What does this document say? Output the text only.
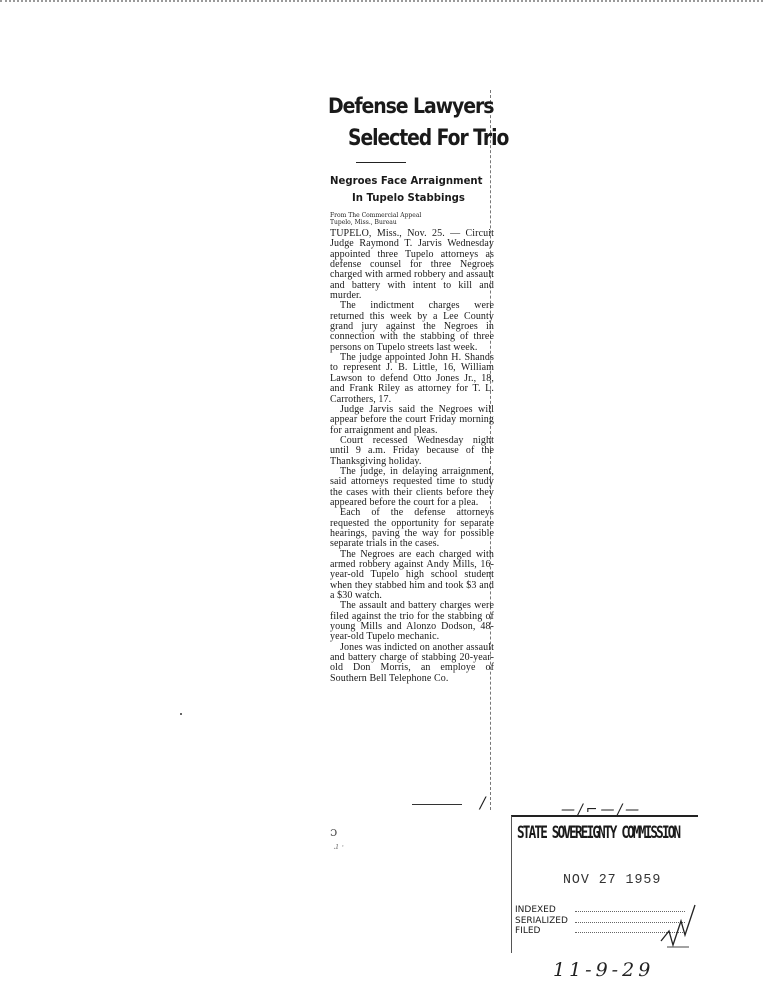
Defense Lawyers
Selected For Trio
Negroes Face Arraignment
In Tupelo Stabbings
From The Commercial Appeal
Tupelo, Miss., Bureau

TUPELO, Miss., Nov. 25. — Circuit Judge Raymond T. Jarvis Wednesday appointed three Tupelo attorneys as defense counsel for three Negroes charged with armed robbery and assault and battery with intent to kill and murder.

The indictment charges were returned this week by a Lee County grand jury against the Negroes in connection with the stabbing of three persons on Tupelo streets last week.

The judge appointed John H. Shands to represent J. B. Little, 16, William Lawson to defend Otto Jones Jr., 18, and Frank Riley as attorney for T. L. Carrothers, 17.

Judge Jarvis said the Negroes will appear before the court Friday morning for arraignment and pleas.

Court recessed Wednesday night until 9 a.m. Friday because of the Thanksgiving holiday.

The judge, in delaying arraignment, said attorneys requested time to study the cases with their clients before they appeared before the court for a plea.

Each of the defense attorneys requested the opportunity for separate hearings, paving the way for possible separate trials in the cases.

The Negroes are each charged with armed robbery against Andy Mills, 16-year-old Tupelo high school student when they stabbed him and took $3 and a $30 watch.

The assault and battery charges were filed against the trio for the stabbing of young Mills and Alonzo Dodson, 48-year-old Tupelo mechanic.

Jones was indicted on another assault and battery charge of stabbing 20-year-old Don Morris, an employe of Southern Bell Telephone Co.

/
ɔ
ɹ ·
—/⌐—/—
STATE SOVEREIGNTY COMMISSION
NOV 27 1959
INDEXED
SERIALIZED
FILED
11-9-29
